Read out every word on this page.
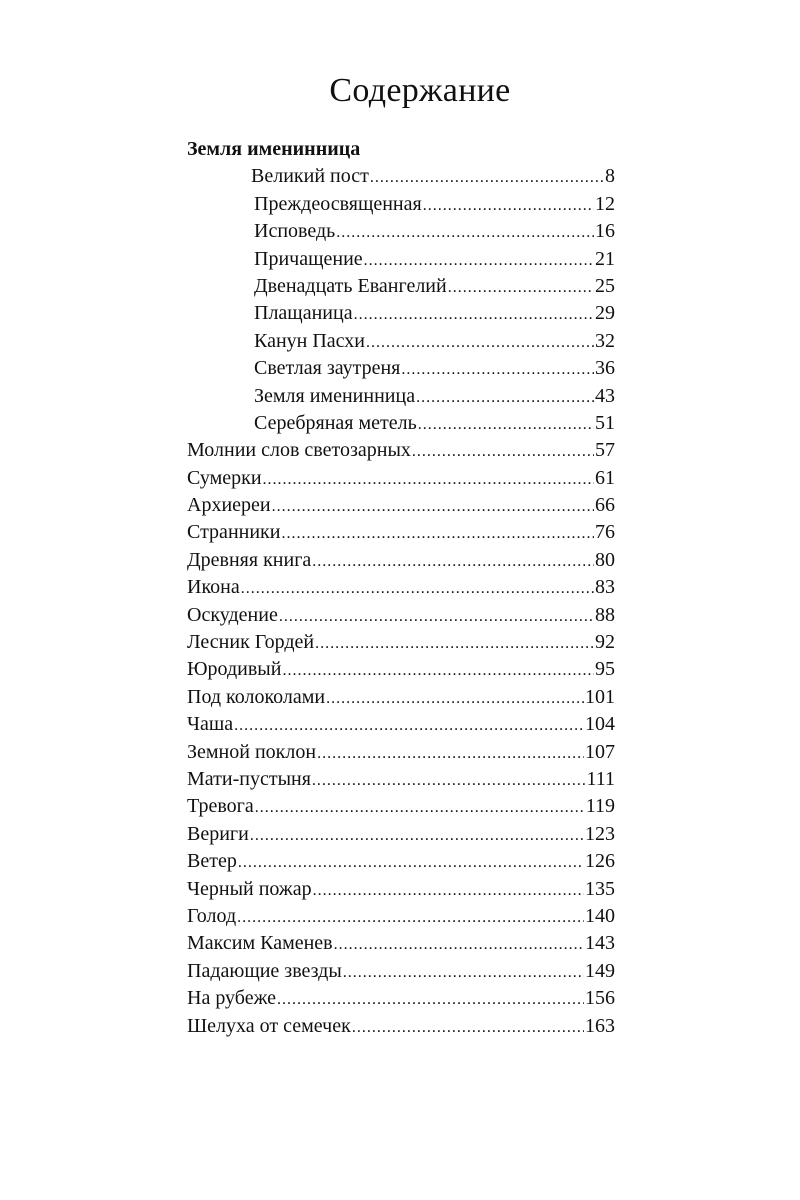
Содержание
Земля именинница
Великий пост .....	8
Преждеосвященная .....	12
Исповедь .....	16
Причащение .....	21
Двенадцать Евангелий .....	25
Плащаница .....	29
Канун Пасхи .....	32
Светлая заутреня .....	36
Земля именинница .....	43
Серебряная метель .....	51
Молнии слов светозарных .....	57
Сумерки .....	61
Архиереи .....	66
Странники .....	76
Древняя книга .....	80
Икона .....	83
Оскудение .....	88
Лесник Гордей .....	92
Юродивый .....	95
Под колоколами .....	101
Чаша .....	104
Земной поклон .....	107
Мати-пустыня .....	111
Тревога .....	119
Вериги .....	123
Ветер .....	126
Черный пожар .....	135
Голод .....	140
Максим Каменев .....	143
Падающие звезды .....	149
На рубеже .....	156
Шелуха от семечек .....	163
